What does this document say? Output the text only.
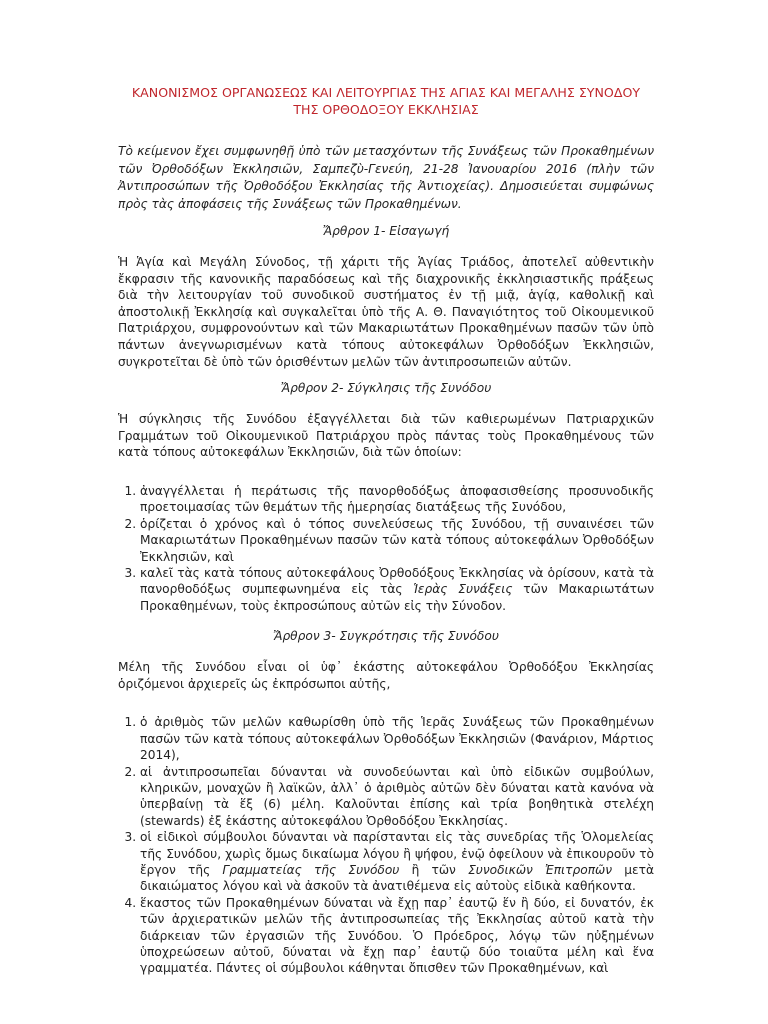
ΚΑΝΟΝΙΣΜΟΣ ΟΡΓΑΝΩΣΕΩΣ ΚΑΙ ΛΕΙΤΟΥΡΓΙΑΣ ΤΗΣ ΑΓΙΑΣ ΚΑΙ ΜΕΓΑΛΗΣ ΣΥΝΟΔΟΥ
ΤΗΣ ΟΡΘΟΔΟΞΟΥ ΕΚΚΛΗΣΙΑΣ

Τὸ κείμενον ἔχει συμφωνηθῇ ὑπὸ τῶν μετασχόντων τῆς Συνάξεως τῶν Προκαθημένων τῶν Ὀρθοδόξων Ἐκκλησιῶν, Σαμπεζὺ-Γενεύη, 21-28 Ἰανουαρίου 2016 (πλὴν τῶν Ἀντιπροσώπων τῆς Ὀρθοδόξου Ἐκκλησίας τῆς Ἀντιοχείας). Δημοσιεύεται συμφώνως πρὸς τὰς ἀποφάσεις τῆς Συνάξεως τῶν Προκαθημένων.

Ἄρθρον 1- Εἰσαγωγή

Ἡ Ἁγία καὶ Μεγάλη Σύνοδος, τῇ χάριτι τῆς Ἁγίας Τριάδος, ἀποτελεῖ αὐθεντικὴν ἔκφρασιν τῆς κανονικῆς παραδόσεως καὶ τῆς διαχρονικῆς ἐκκλησιαστικῆς πράξεως διὰ τὴν λειτουργίαν τοῦ συνοδικοῦ συστήματος ἐν τῇ μιᾷ, ἁγίᾳ, καθολικῇ καὶ ἀποστολικῇ Ἐκκλησίᾳ καὶ συγκαλεῖται ὑπὸ τῆς Α. Θ. Παναγιότητος τοῦ Οἰκουμενικοῦ Πατριάρχου, συμφρονούντων καὶ τῶν Μακαριωτάτων Προκαθημένων πασῶν τῶν ὑπὸ πάντων ἀνεγνωρισμένων κατὰ τόπους αὐτοκεφάλων Ὀρθοδόξων Ἐκκλησιῶν, συγκροτεῖται δὲ ὑπὸ τῶν ὁρισθέντων μελῶν τῶν ἀντιπροσωπειῶν αὐτῶν.

Ἄρθρον 2- Σύγκλησις τῆς Συνόδου

Ἡ σύγκλησις τῆς Συνόδου ἐξαγγέλλεται διὰ τῶν καθιερωμένων Πατριαρχικῶν Γραμμάτων τοῦ Οἰκουμενικοῦ Πατριάρχου πρὸς πάντας τοὺς Προκαθημένους τῶν κατὰ τόπους αὐτοκεφάλων Ἐκκλησιῶν, διὰ τῶν ὁποίων:

1. ἀναγγέλλεται ἡ περάτωσις τῆς πανορθοδόξως ἀποφασισθείσης προσυνοδικῆς προετοιμασίας τῶν θεμάτων τῆς ἡμερησίας διατάξεως τῆς Συνόδου,
2. ὁρίζεται ὁ χρόνος καὶ ὁ τόπος συνελεύσεως τῆς Συνόδου, τῇ συναινέσει τῶν Μακαριωτάτων Προκαθημένων πασῶν τῶν κατὰ τόπους αὐτοκεφάλων Ὀρθοδόξων Ἐκκλησιῶν, καὶ
3. καλεῖ τὰς κατὰ τόπους αὐτοκεφάλους Ὀρθοδόξους Ἐκκλησίας νὰ ὁρίσουν, κατὰ τὰ πανορθοδόξως συμπεφωνημένα εἰς τὰς Ἱερὰς Συνάξεις τῶν Μακαριωτάτων Προκαθημένων, τοὺς ἐκπροσώπους αὐτῶν εἰς τὴν Σύνοδον.
Ἄρθρον 3- Συγκρότησις τῆς Συνόδου

Μέλη τῆς Συνόδου εἶναι οἱ ὑφ᾽ ἑκάστης αὐτοκεφάλου Ὀρθοδόξου Ἐκκλησίας ὁριζόμενοι ἀρχιερεῖς ὡς ἐκπρόσωποι αὐτῆς,

1. ὁ ἀριθμὸς τῶν μελῶν καθωρίσθη ὑπὸ τῆς Ἱερᾶς Συνάξεως τῶν Προκαθημένων πασῶν τῶν κατὰ τόπους αὐτοκεφάλων Ὀρθοδόξων Ἐκκλησιῶν (Φανάριον, Μάρτιος 2014),
2. αἱ ἀντιπροσωπεῖαι δύνανται νὰ συνοδεύωνται καὶ ὑπὸ εἰδικῶν συμβούλων, κληρικῶν, μοναχῶν ἢ λαϊκῶν, ἀλλ᾽ ὁ ἀριθμὸς αὐτῶν δὲν δύναται κατὰ κανόνα νὰ ὑπερβαίνῃ τὰ ἕξ (6) μέλη. Καλοῦνται ἐπίσης καὶ τρία βοηθητικὰ στελέχη (stewards) ἐξ ἑκάστης αὐτοκεφάλου Ὀρθοδόξου Ἐκκλησίας.
3. οἱ εἰδικοὶ σύμβουλοι δύνανται νὰ παρίστανται εἰς τὰς συνεδρίας τῆς Ὁλομελείας τῆς Συνόδου, χωρὶς ὅμως δικαίωμα λόγου ἢ ψήφου, ἐνῷ ὀφείλουν νὰ ἐπικουροῦν τὸ ἔργον τῆς Γραμματείας τῆς Συνόδου ἢ τῶν Συνοδικῶν Ἐπιτροπῶν μετὰ δικαιώματος λόγου καὶ νὰ ἀσκοῦν τὰ ἀνατιθέμενα εἰς αὐτοὺς εἰδικὰ καθήκοντα.
4. ἕκαστος τῶν Προκαθημένων δύναται νὰ ἔχῃ παρ᾽ ἑαυτῷ ἕν ἢ δύο, εἰ δυνατόν, ἐκ τῶν ἀρχιερατικῶν μελῶν τῆς ἀντιπροσωπείας τῆς Ἐκκλησίας αὐτοῦ κατὰ τὴν διάρκειαν τῶν ἐργασιῶν τῆς Συνόδου. Ὁ Πρόεδρος, λόγῳ τῶν ηὐξημένων ὑποχρεώσεων αὐτοῦ, δύναται νὰ ἔχῃ παρ᾽ ἑαυτῷ δύο τοιαῦτα μέλη καὶ ἕνα γραμματέα. Πάντες οἱ σύμβουλοι κάθηνται ὄπισθεν τῶν Προκαθημένων, καὶ
